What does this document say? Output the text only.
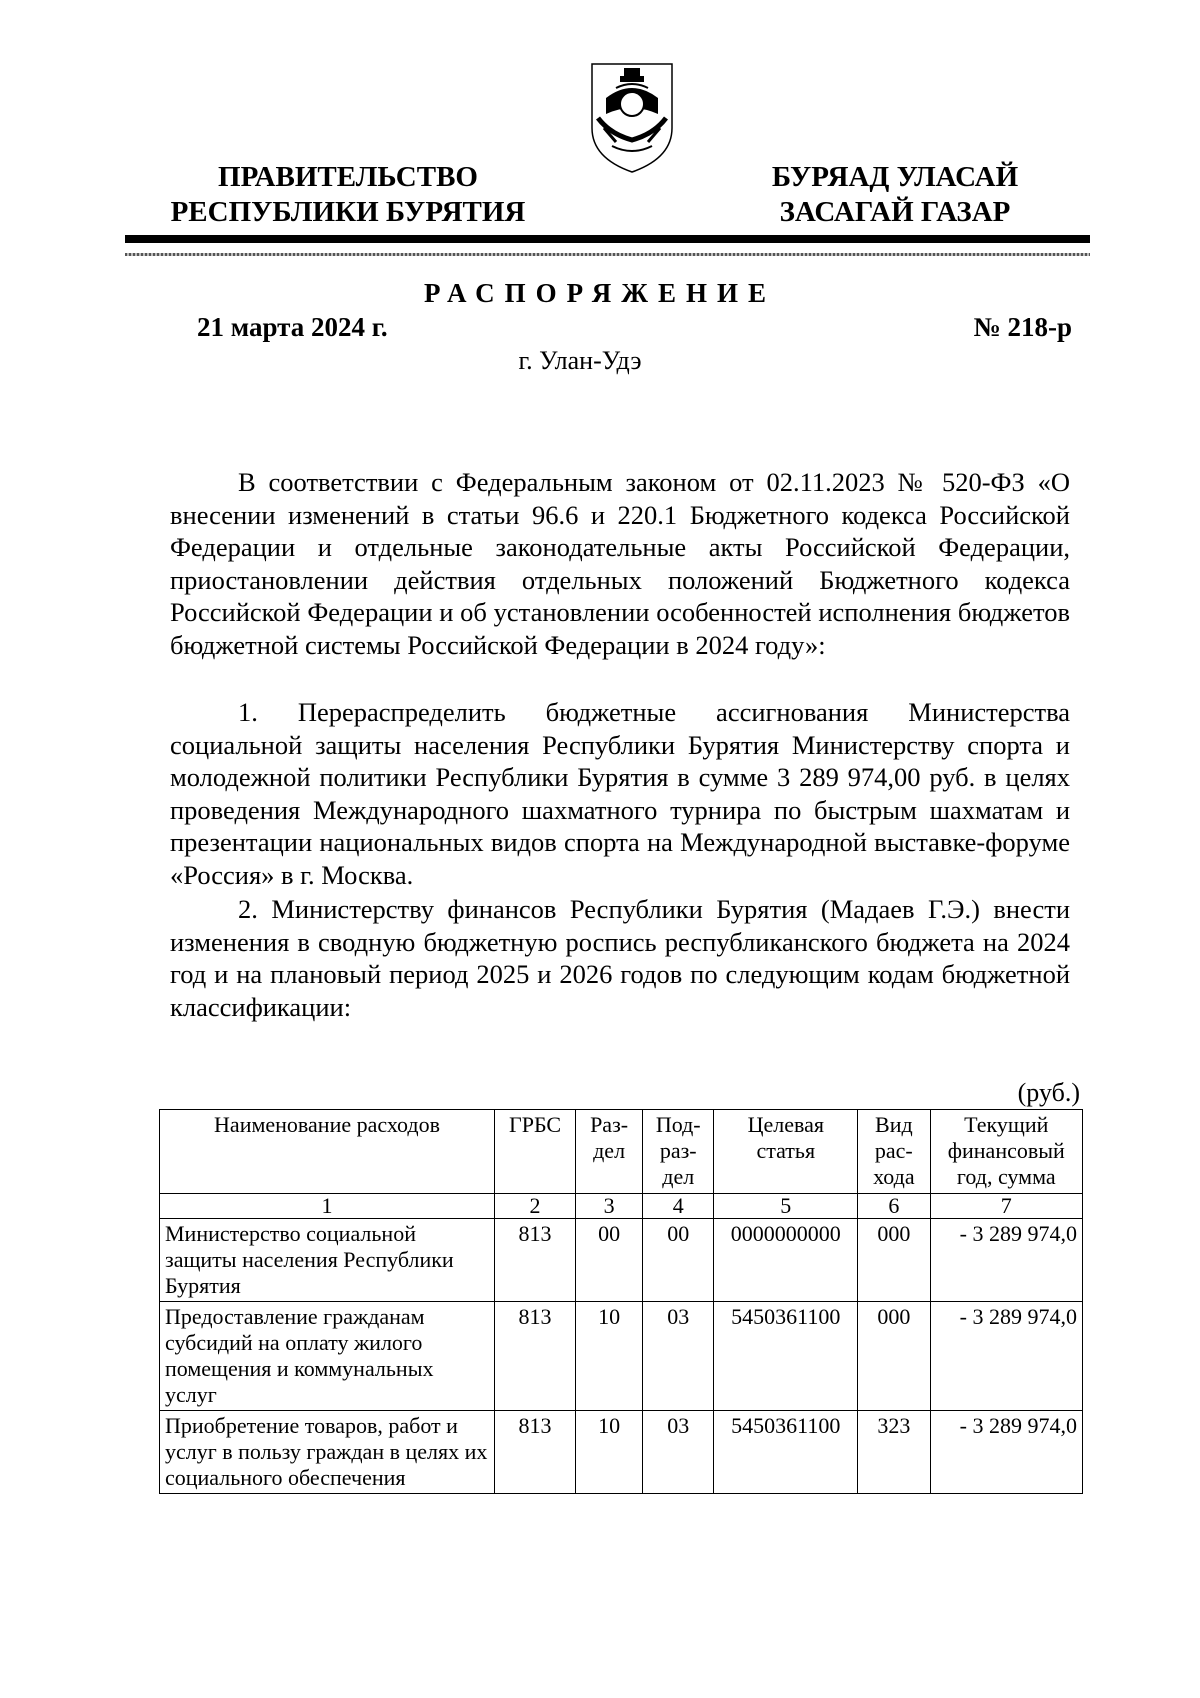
ПРАВИТЕЛЬСТВО
РЕСПУБЛИКИ БУРЯТИЯ
БУРЯАД УЛАСАЙ
ЗАСАГАЙ ГАЗАР
РАСПОРЯЖЕНИЕ
21 марта 2024 г.	№ 218-р
г. Улан-Удэ

В соответствии с Федеральным законом от 02.11.2023 № 520-ФЗ «О внесении изменений в статьи 96.6 и 220.1 Бюджетного кодекса Российской Федерации и отдельные законодательные акты Российской Федерации, приостановлении действия отдельных положений Бюджетного кодекса Российской Федерации и об установлении особенностей исполнения бюджетов бюджетной системы Российской Федерации в 2024 году»:

1. Перераспределить бюджетные ассигнования Министерства социальной защиты населения Республики Бурятия Министерству спорта и молодежной политики Республики Бурятия в сумме 3 289 974,00 руб. в целях проведения Международного шахматного турнира по быстрым шахматам и презентации национальных видов спорта на Международной выставке-форуме «Россия» в г. Москва.

2. Министерству финансов Республики Бурятия (Мадаев Г.Э.) внести изменения в сводную бюджетную роспись республиканского бюджета на 2024 год и на плановый период 2025 и 2026 годов по следующим кодам бюджетной классификации:

(руб.)
Наименование расходов	ГРБС	Раз-дел	Под-раз-дел	Целевая статья	Вид рас-хода	Текущий финансовый год, сумма
1	2	3	4	5	6	7
Министерство социальной защиты населения Республики Бурятия	813	00	00	0000000000	000	- 3 289 974,0
Предоставление гражданам субсидий на оплату жилого помещения и коммунальных услуг	813	10	03	5450361100	000	- 3 289 974,0
Приобретение товаров, работ и услуг в пользу граждан в целях их социального обеспечения	813	10	03	5450361100	323	- 3 289 974,0
